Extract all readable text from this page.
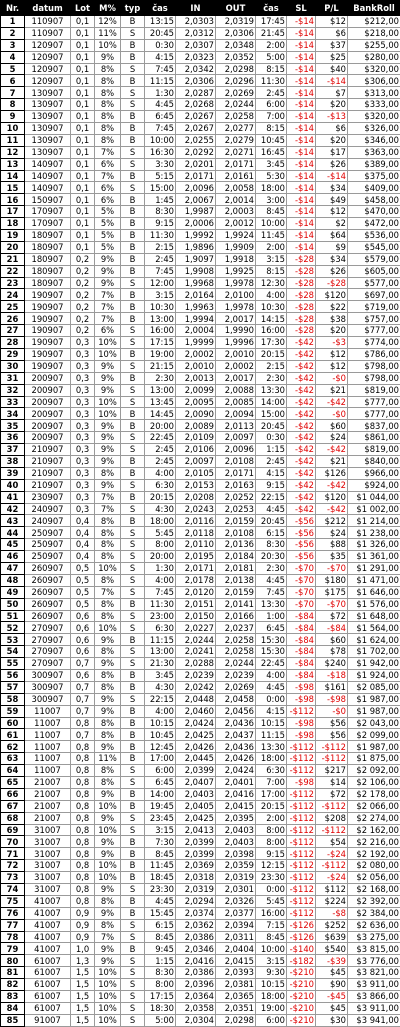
Nr.	datum	Lot	M%	typ	čas	IN	OUT	čas	SL	P/L	BankRoll
1	110907	0,1	12%	B	13:15	2,0303	2,0319	17:45	-$14	$12	$212,00
2	110907	0,1	11%	S	20:45	2,0312	2,0306	21:45	-$14	$6	$218,00
3	120907	0,1	10%	B	0:30	2,0307	2,0348	2:00	-$14	$37	$255,00
4	120907	0,1	9%	B	4:15	2,0323	2,0352	5:00	-$14	$25	$280,00
5	120907	0,1	8%	S	7:45	2,0342	2,0298	8:15	-$14	$40	$320,00
6	120907	0,1	8%	B	11:15	2,0306	2,0296	11:30	-$14	-$14	$306,00
7	130907	0,1	8%	S	1:30	2,0287	2,0269	2:45	-$14	$7	$313,00
8	130907	0,1	8%	S	4:45	2,0268	2,0244	6:00	-$14	$20	$333,00
9	130907	0,1	8%	B	6:45	2,0267	2,0258	7:00	-$14	-$13	$320,00
10	130907	0,1	8%	B	7:45	2,0267	2,0277	8:15	-$14	$6	$326,00
11	130907	0,1	8%	B	10:00	2,0255	2,0279	10:45	-$14	$20	$346,00
12	130907	0,1	7%	S	16:30	2,0292	2,0271	16:45	-$14	$17	$363,00
13	140907	0,1	6%	S	3:30	2,0201	2,0171	3:45	-$14	$26	$389,00
14	140907	0,1	7%	B	5:15	2,0171	2,0161	5:30	-$14	-$14	$375,00
15	140907	0,1	6%	S	15:00	2,0096	2,0058	18:00	-$14	$34	$409,00
16	150907	0,1	6%	B	1:45	2,0067	2,0014	3:00	-$14	$49	$458,00
17	170907	0,1	5%	B	8:30	1,9987	2,0003	8:45	-$14	$12	$470,00
18	170907	0,1	5%	B	9:15	2,0006	2,0012	10:00	-$14	$2	$472,00
19	180907	0,1	5%	B	11:30	1,9992	1,9924	11:45	-$14	$64	$536,00
20	180907	0,1	5%	B	2:15	1,9896	1,9909	2:00	-$14	$9	$545,00
21	180907	0,2	9%	B	2:45	1,9097	1,9918	3:15	-$28	$34	$579,00
22	180907	0,2	9%	B	7:45	1,9908	1,9925	8:15	-$28	$26	$605,00
23	180907	0,2	9%	S	12:00	1,9968	1,9978	12:30	-$28	-$28	$577,00
24	190907	0,2	7%	B	3:15	2,0164	2,0100	4:00	-$28	$120	$697,00
25	190907	0,2	7%	B	10:30	1,9963	1,9978	10:30	-$28	$22	$719,00
26	190907	0,2	7%	B	13:00	1,9994	2,0017	14:15	-$28	$38	$757,00
27	190907	0,2	6%	S	16:00	2,0004	1,9990	16:00	-$28	$20	$777,00
28	190907	0,3	10%	S	17:15	1,9999	1,9996	17:30	-$42	-$3	$774,00
29	190907	0,3	10%	B	19:00	2,0002	2,0010	20:15	-$42	$12	$786,00
30	190907	0,3	9%	S	21:15	2,0010	2,0002	2:15	-$42	$12	$798,00
31	200907	0,3	9%	B	2:30	2,0013	2,0017	2:30	-$42	-$0	$798,00
32	200907	0,3	9%	S	13:00	2,0099	2,0088	13:30	-$42	$21	$819,00
33	200907	0,3	10%	S	13:45	2,0095	2,0085	14:00	-$42	-$42	$777,00
34	200907	0,3	10%	B	14:45	2,0090	2,0094	15:00	-$42	-$0	$777,00
35	200907	0,3	9%	B	20:00	2,0089	2,0113	20:45	-$42	$60	$837,00
36	200907	0,3	9%	S	22:45	2,0109	2,0097	0:30	-$42	$24	$861,00
37	210907	0,3	9%	S	2:45	2,0106	2,0096	1:15	-$42	-$42	$819,00
38	210907	0,3	9%	B	2:45	2,0097	2,0108	2:45	-$42	$21	$840,00
39	210907	0,3	8%	B	4:00	2,0105	2,0171	4:15	-$42	$126	$966,00
40	210907	0,3	9%	S	6:30	2,0153	2,0163	9:15	-$42	-$42	$924,00
41	230907	0,3	7%	B	20:15	2,0208	2,0252	22:15	-$42	$120	$1 044,00
42	240907	0,3	7%	S	4:30	2,0243	2,0253	4:45	-$42	-$42	$1 002,00
43	240907	0,4	8%	B	18:00	2,0116	2,0159	20:45	-$56	$212	$1 214,00
44	250907	0,4	8%	S	5:45	2,0118	2,0108	6:15	-$56	$24	$1 238,00
45	250907	0,4	8%	S	8:00	2,0110	2,0136	8:30	-$56	$88	$1 326,00
46	250907	0,4	8%	S	20:00	2,0195	2,0184	20:30	-$56	$35	$1 361,00
47	260907	0,5	10%	S	1:30	2,0171	2,0181	2:30	-$70	-$70	$1 291,00
48	260907	0,5	8%	S	4:00	2,0178	2,0138	4:45	-$70	$180	$1 471,00
49	260907	0,5	7%	S	7:45	2,0120	2,0159	7:45	-$70	$175	$1 646,00
50	260907	0,5	8%	B	11:30	2,0151	2,0141	13:30	-$70	-$70	$1 576,00
51	260907	0,6	8%	S	23:00	2,0150	2,0166	1:00	-$84	$72	$1 648,00
52	270907	0,6	10%	S	6:30	2,0227	2,0237	6:45	-$84	-$84	$1 564,00
53	270907	0,6	9%	B	11:15	2,0244	2,0258	15:30	-$84	$60	$1 624,00
54	270907	0,6	8%	S	13:00	2,0241	2,0258	15:30	-$84	$78	$1 702,00
55	270907	0,7	9%	S	21:30	2,0288	2,0244	22:45	-$84	$240	$1 942,00
56	300907	0,6	8%	B	3:45	2,0239	2,0239	4:00	-$84	-$18	$1 924,00
57	300907	0,7	8%	B	4:30	2,0242	2,0269	4:45	-$98	$161	$2 085,00
58	300907	0,7	9%	S	22:15	2,0448	2,0458	0:00	-$98	-$98	$1 987,00
59	11007	0,7	9%	B	4:00	2,0460	2,0456	4:15	-$112	-$0	$1 987,00
60	11007	0,8	8%	B	10:15	2,0424	2,0436	10:15	-$98	$56	$2 043,00
61	11007	0,7	8%	B	10:45	2,0425	2,0437	11:15	-$98	$56	$2 099,00
62	11007	0,8	9%	B	12:45	2,0426	2,0436	13:30	-$112	-$112	$1 987,00
63	11007	0,8	11%	B	17:00	2,0445	2,0426	18:00	-$112	-$112	$1 875,00
64	11007	0,8	8%	S	6:00	2,0399	2,0424	6:30	-$112	$217	$2 092,00
65	21007	0,8	8%	S	6:45	2,0407	2,0401	7:00	-$98	$14	$2 106,00
66	21007	0,8	9%	B	14:00	2,0403	2,0416	17:00	-$112	$72	$2 178,00
67	21007	0,8	10%	B	19:45	2,0405	2,0415	20:15	-$112	-$112	$2 066,00
68	21007	0,8	9%	S	23:45	2,0425	2,0395	2:00	-$112	$208	$2 274,00
69	31007	0,8	10%	S	3:15	2,0413	2,0403	8:00	-$112	-$112	$2 162,00
70	31007	0,8	9%	B	7:30	2,0399	2,0403	8:00	-$112	$54	$2 216,00
71	31007	0,8	9%	B	8:45	2,0399	2,0398	9:15	-$112	-$24	$2 192,00
72	31007	0,8	10%	B	11:45	2,0369	2,0359	12:15	-$112	-$112	$2 080,00
73	31007	0,8	10%	B	18:45	2,0318	2,0319	23:30	-$112	-$24	$2 056,00
74	31007	0,8	9%	S	23:30	2,0319	2,0301	0:00	-$112	$112	$2 168,00
75	41007	0,8	8%	B	4:45	2,0294	2,0326	5:45	-$112	$224	$2 392,00
76	41007	0,9	9%	B	15:45	2,0374	2,0377	16:00	-$112	-$8	$2 384,00
77	41007	0,9	8%	S	6:15	2,0362	2,0394	7:15	-$126	$252	$2 636,00
78	41007	0,9	7%	S	8:45	2,0386	2,0311	8:45	-$126	$639	$3 275,00
79	41007	1,0	9%	B	9:45	2,0346	2,0404	10:00	-$140	$540	$3 815,00
80	61007	1,3	9%	S	1:15	2,0416	2,0415	3:15	-$182	-$39	$3 776,00
81	61007	1,5	10%	S	8:30	2,0386	2,0393	9:30	-$210	$45	$3 821,00
82	61007	1,5	10%	S	8:00	2,0396	2,0381	10:15	-$210	$90	$3 911,00
83	61007	1,5	10%	S	17:15	2,0364	2,0365	18:00	-$210	-$45	$3 866,00
84	61007	1,5	10%	S	18:30	2,0358	2,0351	19:00	-$210	$45	$3 911,00
85	91007	1,5	10%	S	5:00	2,0304	2,0298	6:00	-$210	$30	$3 941,00
